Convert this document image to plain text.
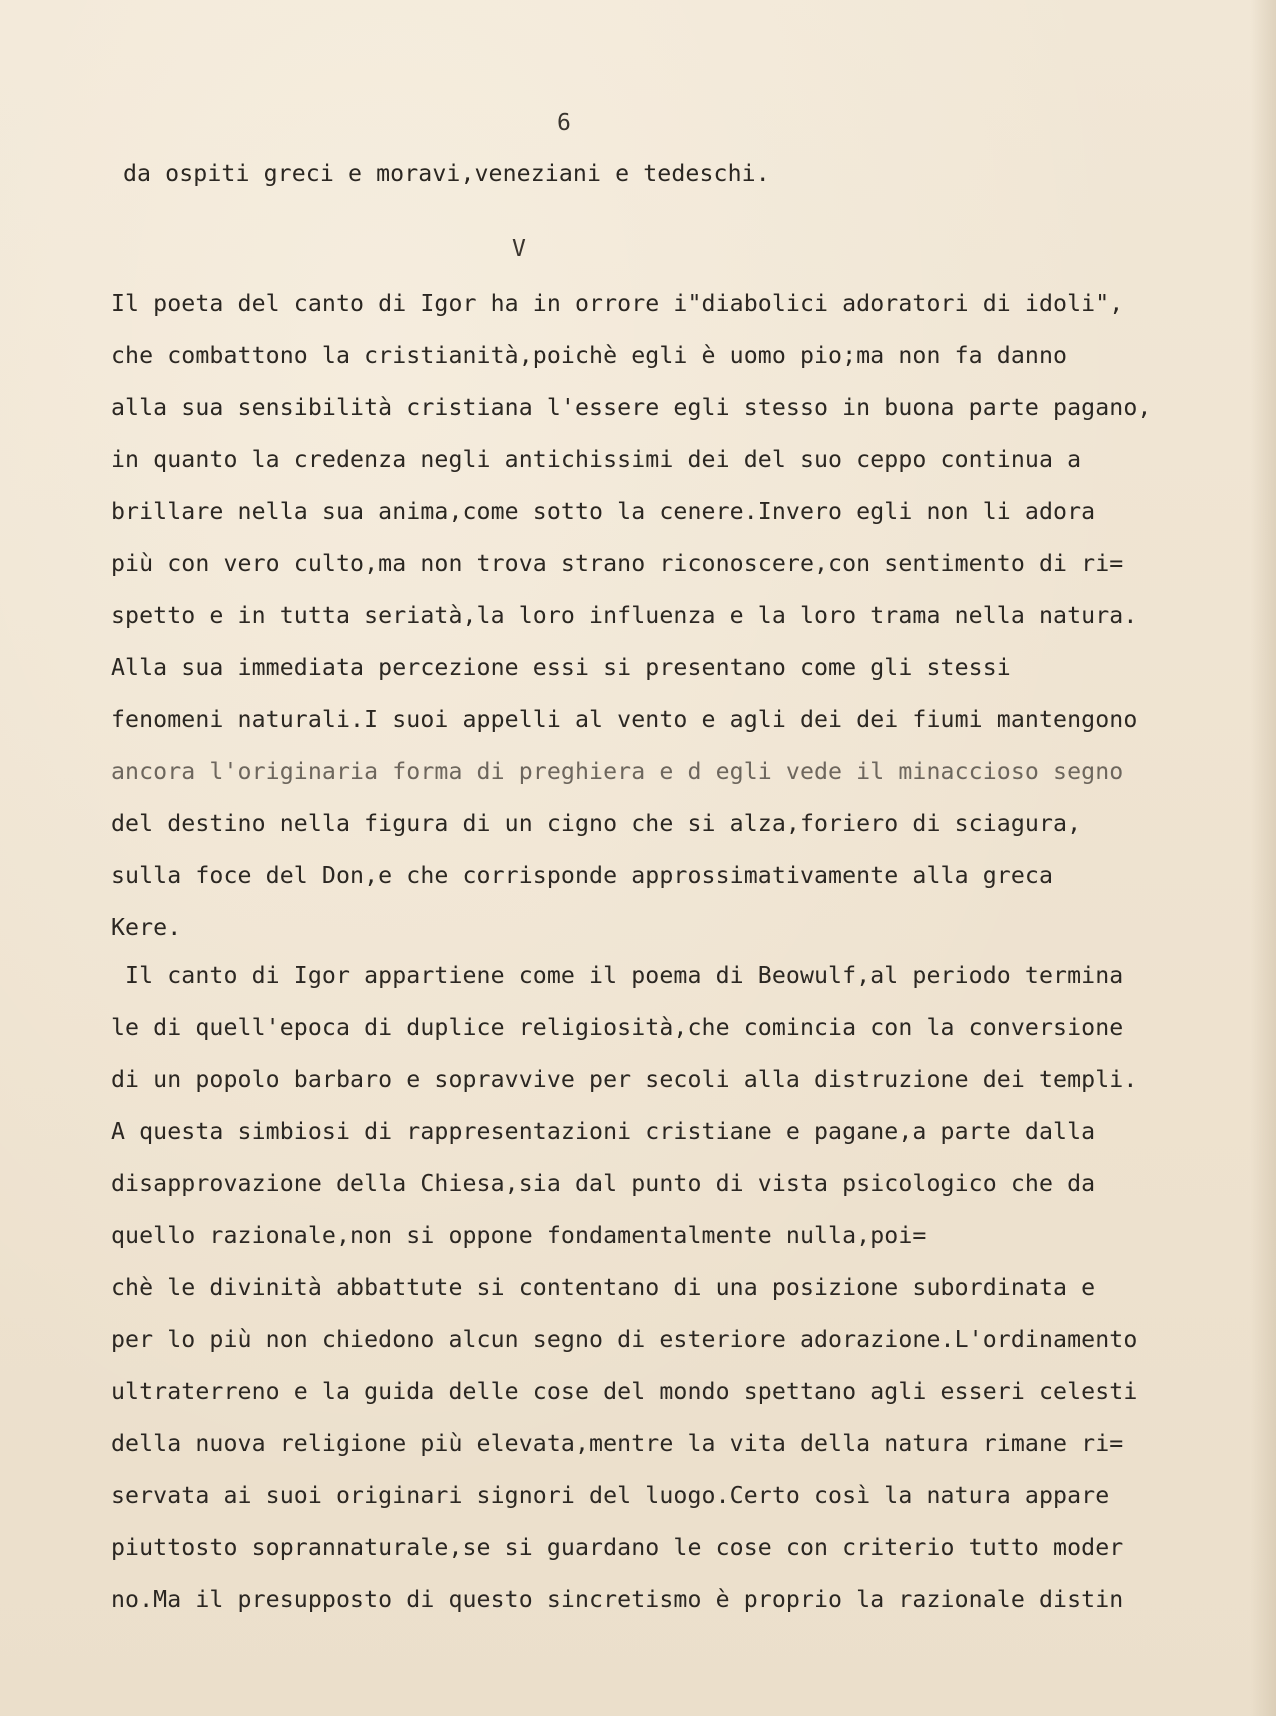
6
da ospiti greci e moravi,veneziani e tedeschi.
V
Il poeta del canto di Igor ha in orrore i"diabolici adoratori di idoli",
che combattono la cristianità,poichè egli è uomo pio;ma non fa danno
alla sua sensibilità cristiana l'essere egli stesso in buona parte pagano,
in quanto la credenza negli antichissimi dei del suo ceppo continua a
brillare nella sua anima,come sotto la cenere.Invero egli non li adora
più con vero culto,ma non trova strano riconoscere,con sentimento di ri=
spetto e in tutta seriatà,la loro influenza e la loro trama nella natura.
Alla sua immediata percezione essi si presentano come gli stessi
fenomeni naturali.I suoi appelli al vento e agli dei dei fiumi mantengono
ancora l'originaria forma di preghiera e d egli vede il minaccioso segno
del destino nella figura di un cigno che si alza,foriero di sciagura,
sulla foce del Don,e che corrisponde approssimativamente alla greca
Kere.
Il canto di Igor appartiene come il poema di Beowulf,al periodo termina
le di quell'epoca di duplice religiosità,che comincia con la conversione
di un popolo barbaro e sopravvive per secoli alla distruzione dei templi.
A questa simbiosi di rappresentazioni cristiane e pagane,a parte dalla
disapprovazione della Chiesa,sia dal punto di vista psicologico che da
quello razionale,non si oppone fondamentalmente nulla,poi=
chè le divinità abbattute si contentano di una posizione subordinata e
per lo più non chiedono alcun segno di esteriore adorazione.L'ordinamento
ultraterreno e la guida delle cose del mondo spettano agli esseri celesti
della nuova religione più elevata,mentre la vita della natura rimane ri=
servata ai suoi originari signori del luogo.Certo così la natura appare
piuttosto soprannaturale,se si guardano le cose con criterio tutto moder
no.Ma il presupposto di questo sincretismo è proprio la razionale distin
